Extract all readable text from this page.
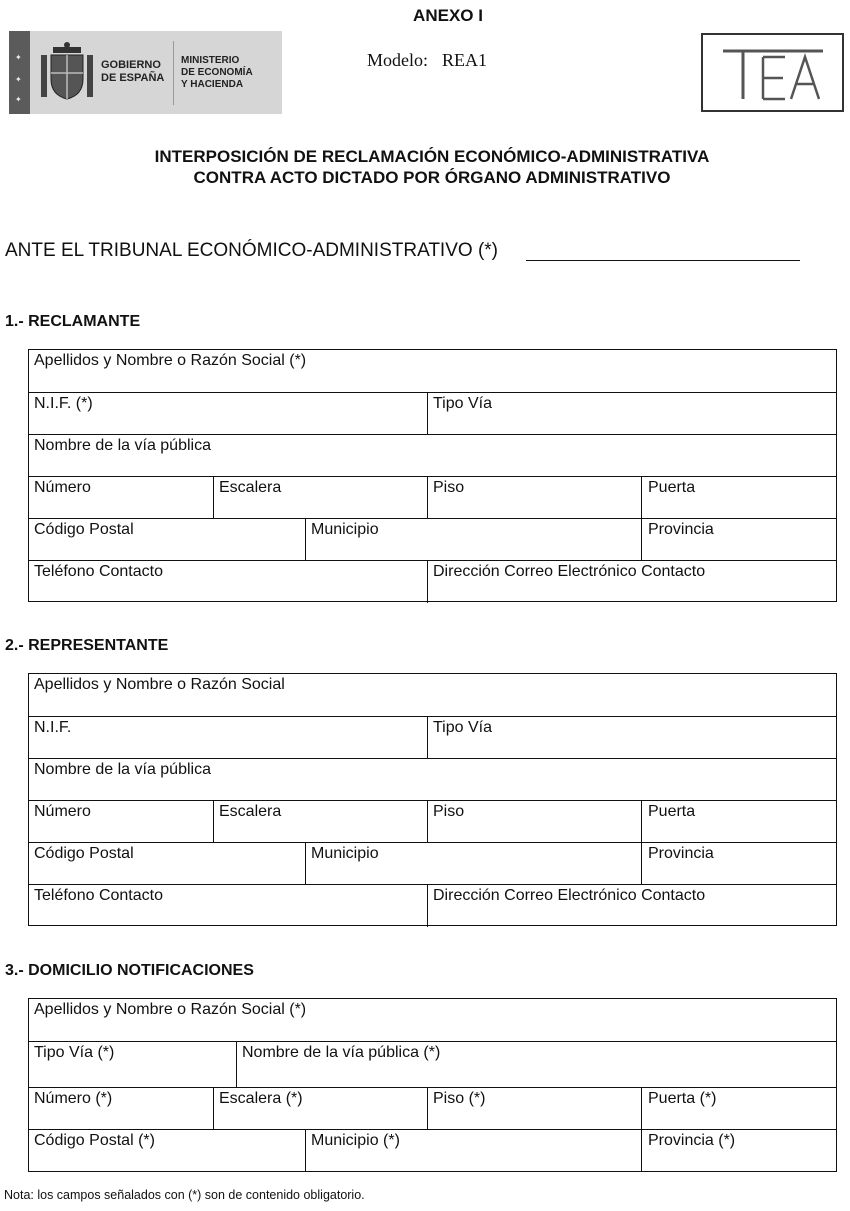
ANEXO I
✦
✦
✦
GOBIERNO
DE ESPAÑA
MINISTERIO
DE ECONOMÍA
Y HACIENDA
Modelo: REA1
INTERPOSICIÓN DE RECLAMACIÓN ECONÓMICO-ADMINISTRATIVA
CONTRA ACTO DICTADO POR ÓRGANO ADMINISTRATIVO
ANTE EL TRIBUNAL ECONÓMICO-ADMINISTRATIVO (*)
1.- RECLAMANTE
Apellidos y Nombre o Razón Social (*)
N.I.F. (*)	Tipo Vía
Nombre de la vía pública
Número	Escalera	Piso	Puerta
Código Postal	Municipio	Provincia
Teléfono Contacto	Dirección Correo Electrónico Contacto
2.- REPRESENTANTE
Apellidos y Nombre o Razón Social
N.I.F.	Tipo Vía
Nombre de la vía pública
Número	Escalera	Piso	Puerta
Código Postal	Municipio	Provincia
Teléfono Contacto	Dirección Correo Electrónico Contacto
3.- DOMICILIO NOTIFICACIONES
Apellidos y Nombre o Razón Social (*)
Tipo Vía (*)	Nombre de la vía pública (*)
Número (*)	Escalera (*)	Piso (*)	Puerta (*)
Código Postal (*)	Municipio (*)	Provincia (*)
Nota: los campos señalados con (*) son de contenido obligatorio.
